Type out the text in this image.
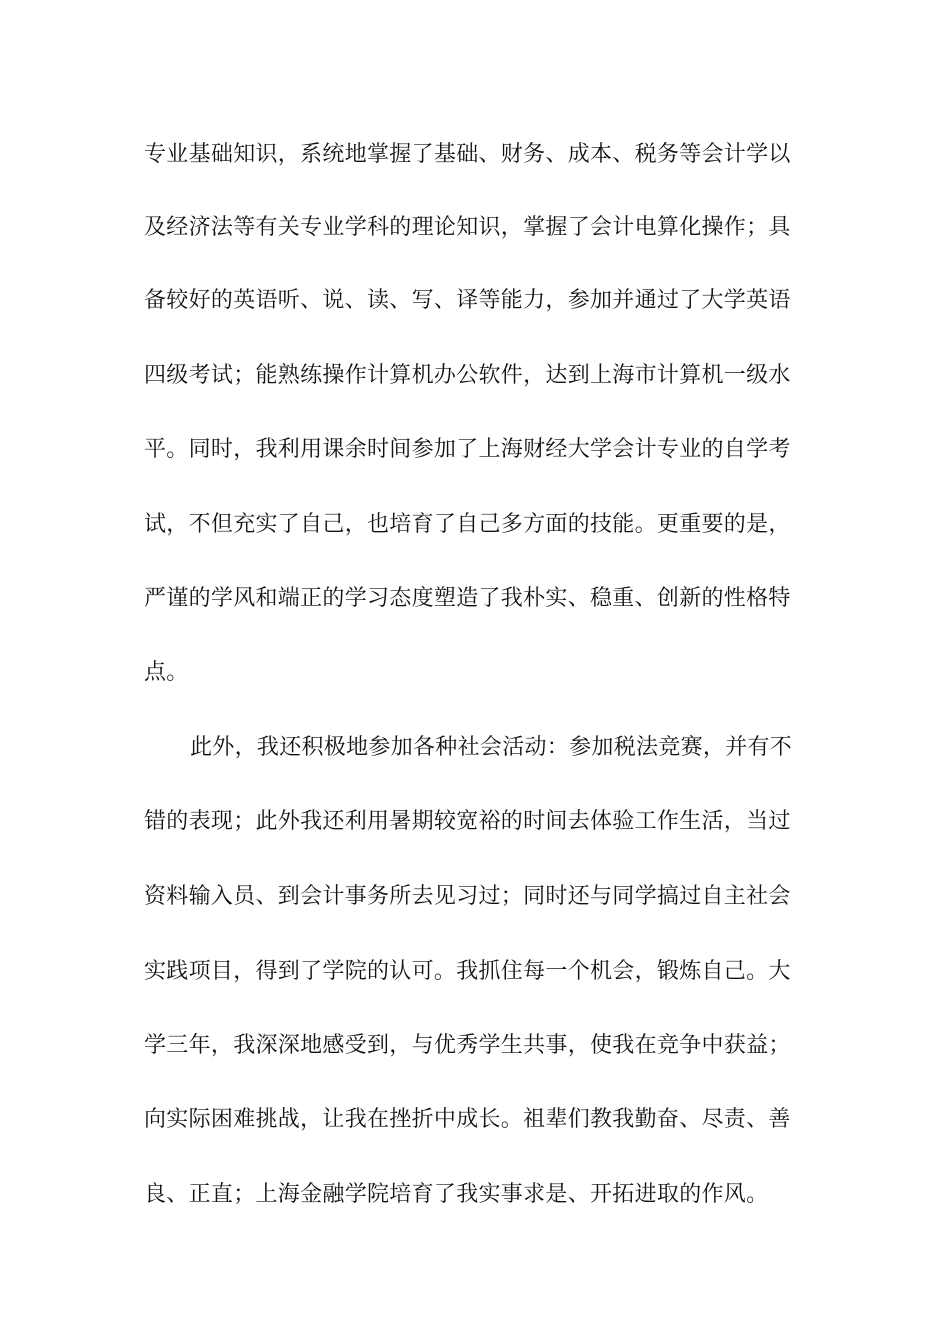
专业基础知识，系统地掌握了基础、财务、成本、税务等会计学以
及经济法等有关专业学科的理论知识，掌握了会计电算化操作；具
备较好的英语听、说、读、写、译等能力，参加并通过了大学英语
四级考试；能熟练操作计算机办公软件，达到上海市计算机一级水
平。同时，我利用课余时间参加了上海财经大学会计专业的自学考
试，不但充实了自己，也培育了自己多方面的技能。更重要的是，
严谨的学风和端正的学习态度塑造了我朴实、稳重、创新的性格特
点。
此外，我还积极地参加各种社会活动：参加税法竞赛，并有不
错的表现；此外我还利用暑期较宽裕的时间去体验工作生活，当过
资料输入员、到会计事务所去见习过；同时还与同学搞过自主社会
实践项目，得到了学院的认可。我抓住每一个机会，锻炼自己。大
学三年，我深深地感受到，与优秀学生共事，使我在竞争中获益；
向实际困难挑战，让我在挫折中成长。祖辈们教我勤奋、尽责、善
良、正直；上海金融学院培育了我实事求是、开拓进取的作风。
